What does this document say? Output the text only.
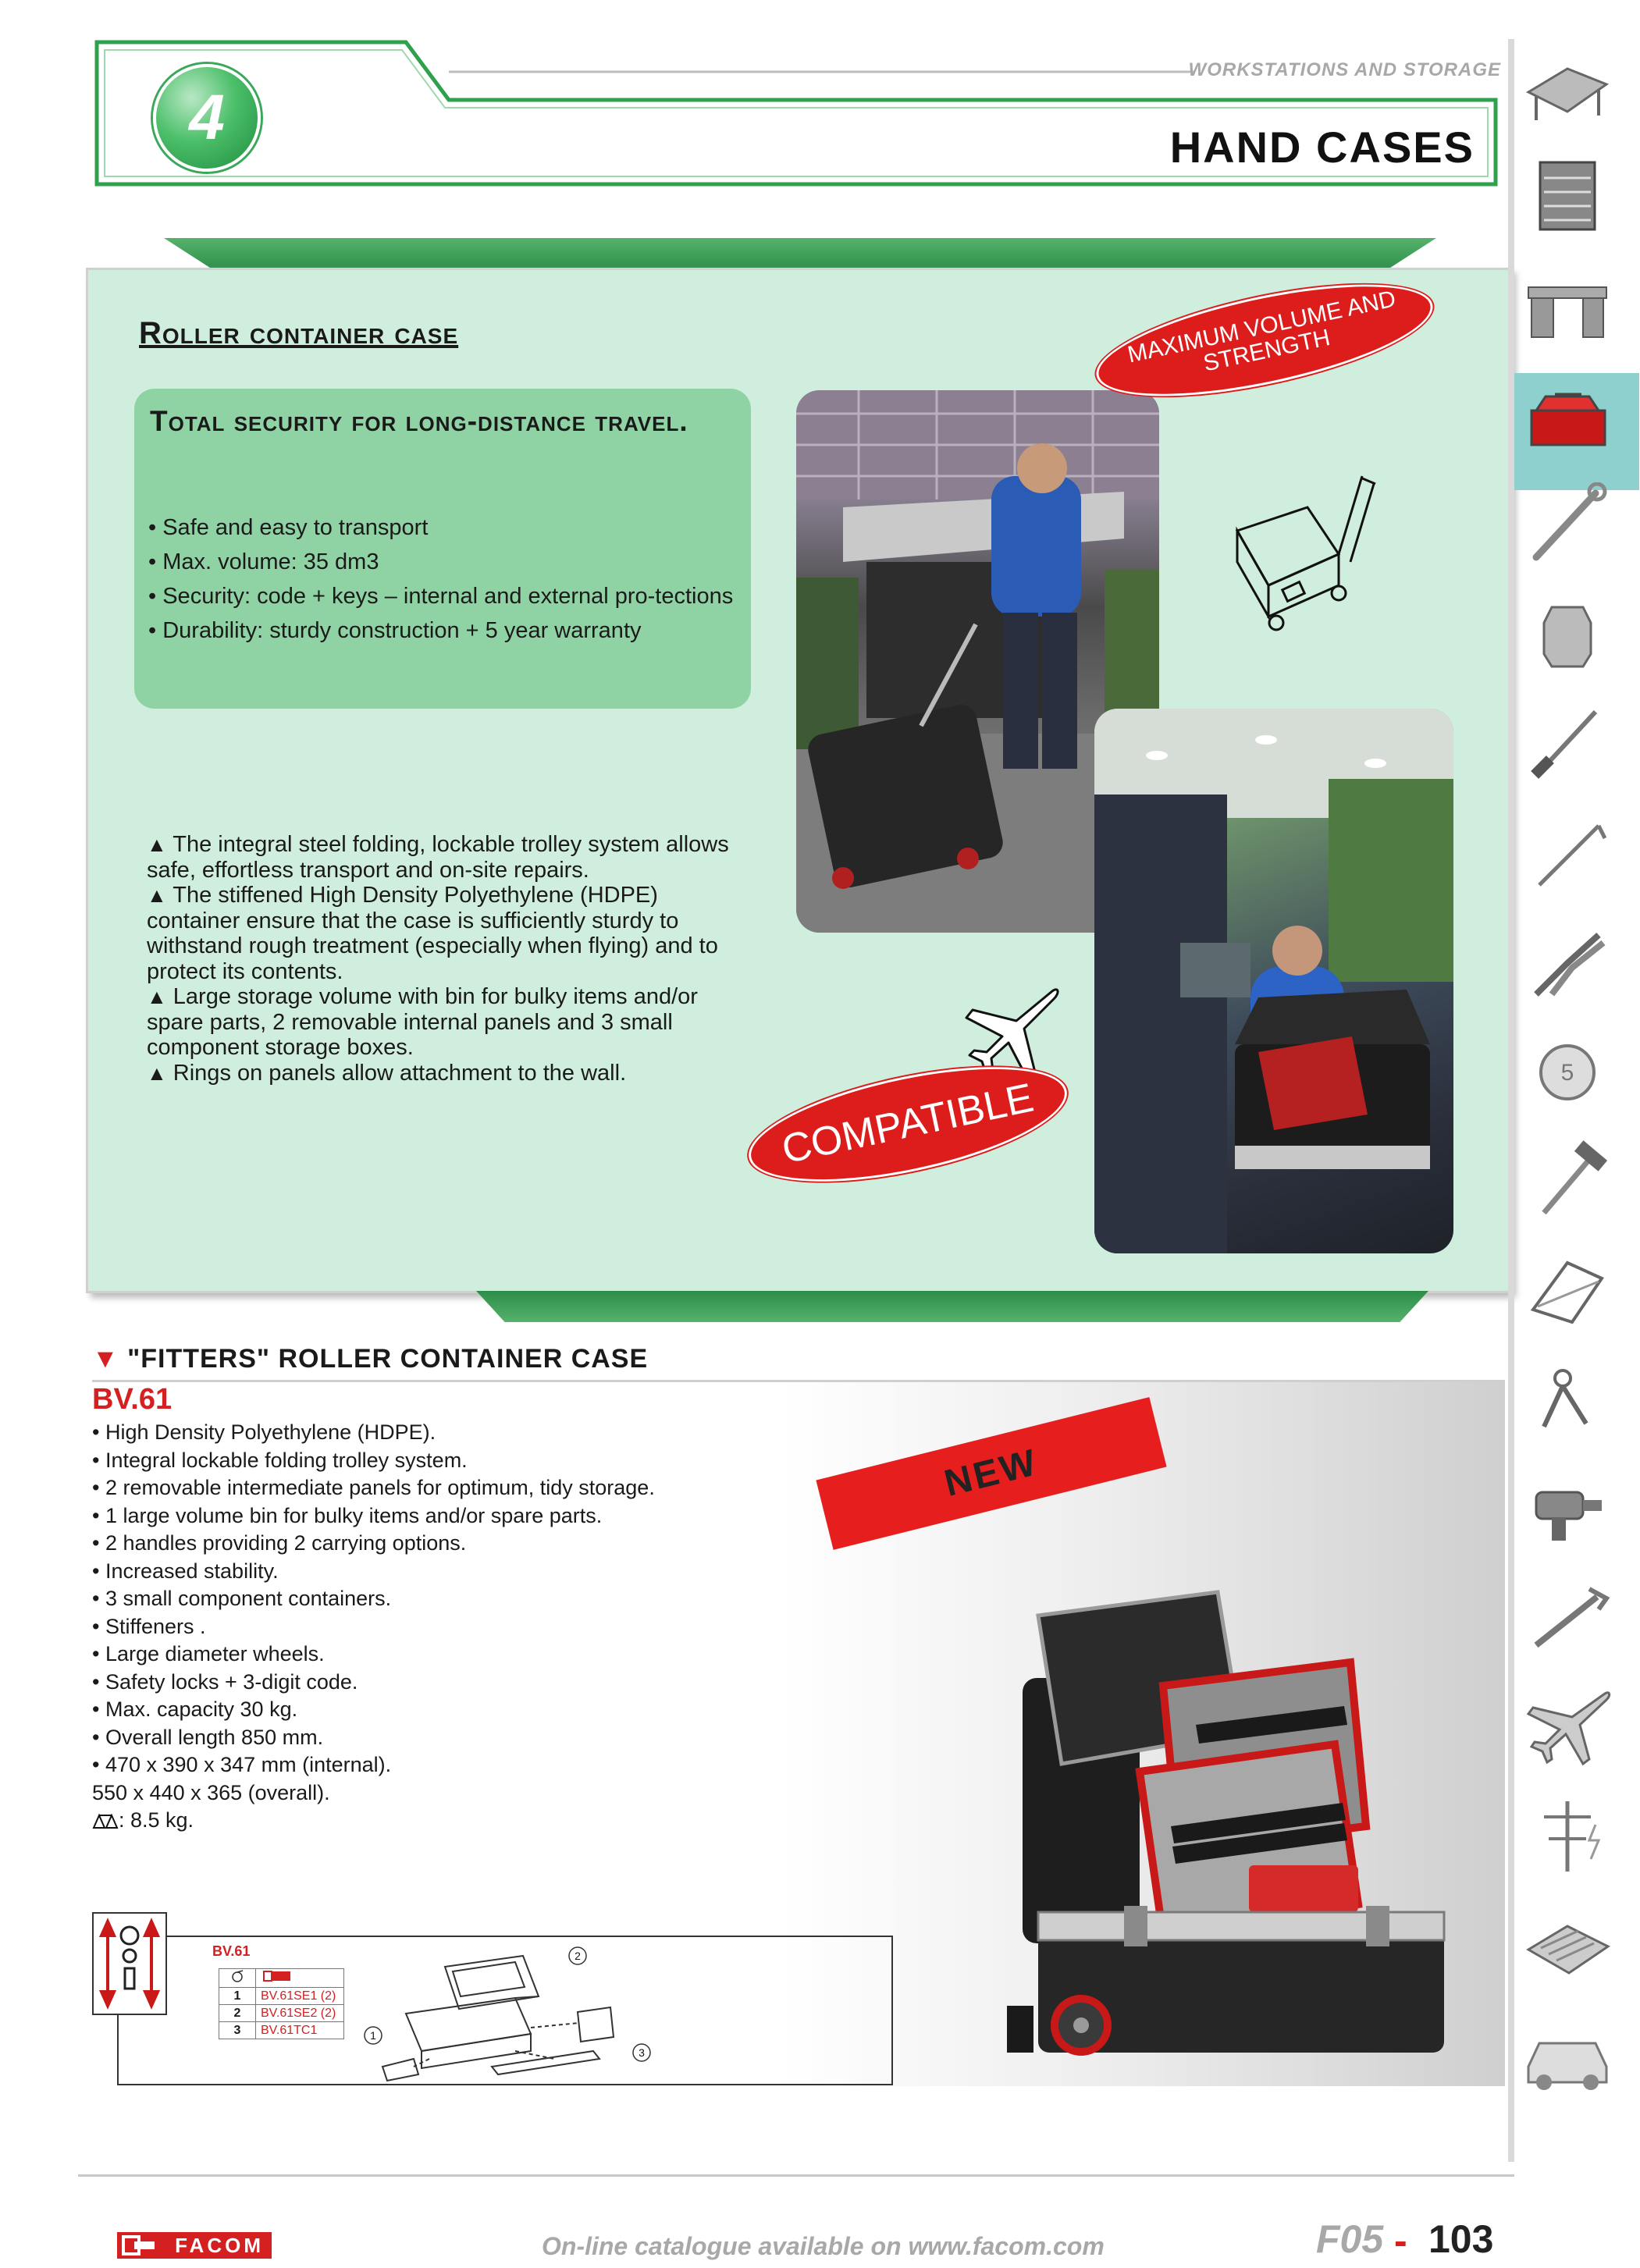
4
WORKSTATIONS AND STORAGE
HAND CASES
Roller container case
Total security for long-distance travel.
• Safe and easy to transport
• Max. volume: 35 dm3
• Security: code + keys – internal and external pro-tections
• Durability: sturdy construction + 5 year warranty

▲ The integral steel folding, lockable trolley system allows safe, effortless transport and on-site repairs.

▲ The stiffened High Density Polyethylene (HDPE) container ensure that the case is sufficiently sturdy to withstand rough treatment (especially when flying) and to protect its contents.

▲ Large storage volume with bin for bulky items and/or spare parts, 2 removable internal panels and 3 small component storage boxes.

▲ Rings on panels allow attachment to the wall.

MAXIMUM VOLUME AND STRENGTH
COMPATIBLE
▼ "FITTERS" ROLLER CONTAINER CASE
BV.61
• High Density Polyethylene (HDPE).
• Integral lockable folding trolley system.
• 2 removable intermediate panels for optimum, tidy storage.
• 1 large volume bin for bulky items and/or spare parts.
• 2 handles providing 2 carrying options.
• Increased stability.
• 3 small component containers.
• Stiffeners .
• Large diameter wheels.
• Safety locks + 3-digit code.
• Max. capacity 30 kg.
• Overall length 850 mm.
• 470 x 390 x 347 mm (internal).
550 x 440 x 365 (overall).
: 8.5 kg.
NEW
BV.61

1	BV.61SE1 (2)
2	BV.61SE2 (2)
3	BV.61TC1
2
1
3
FACOM	On-line catalogue available on www.facom.com	F05 - 103
5
